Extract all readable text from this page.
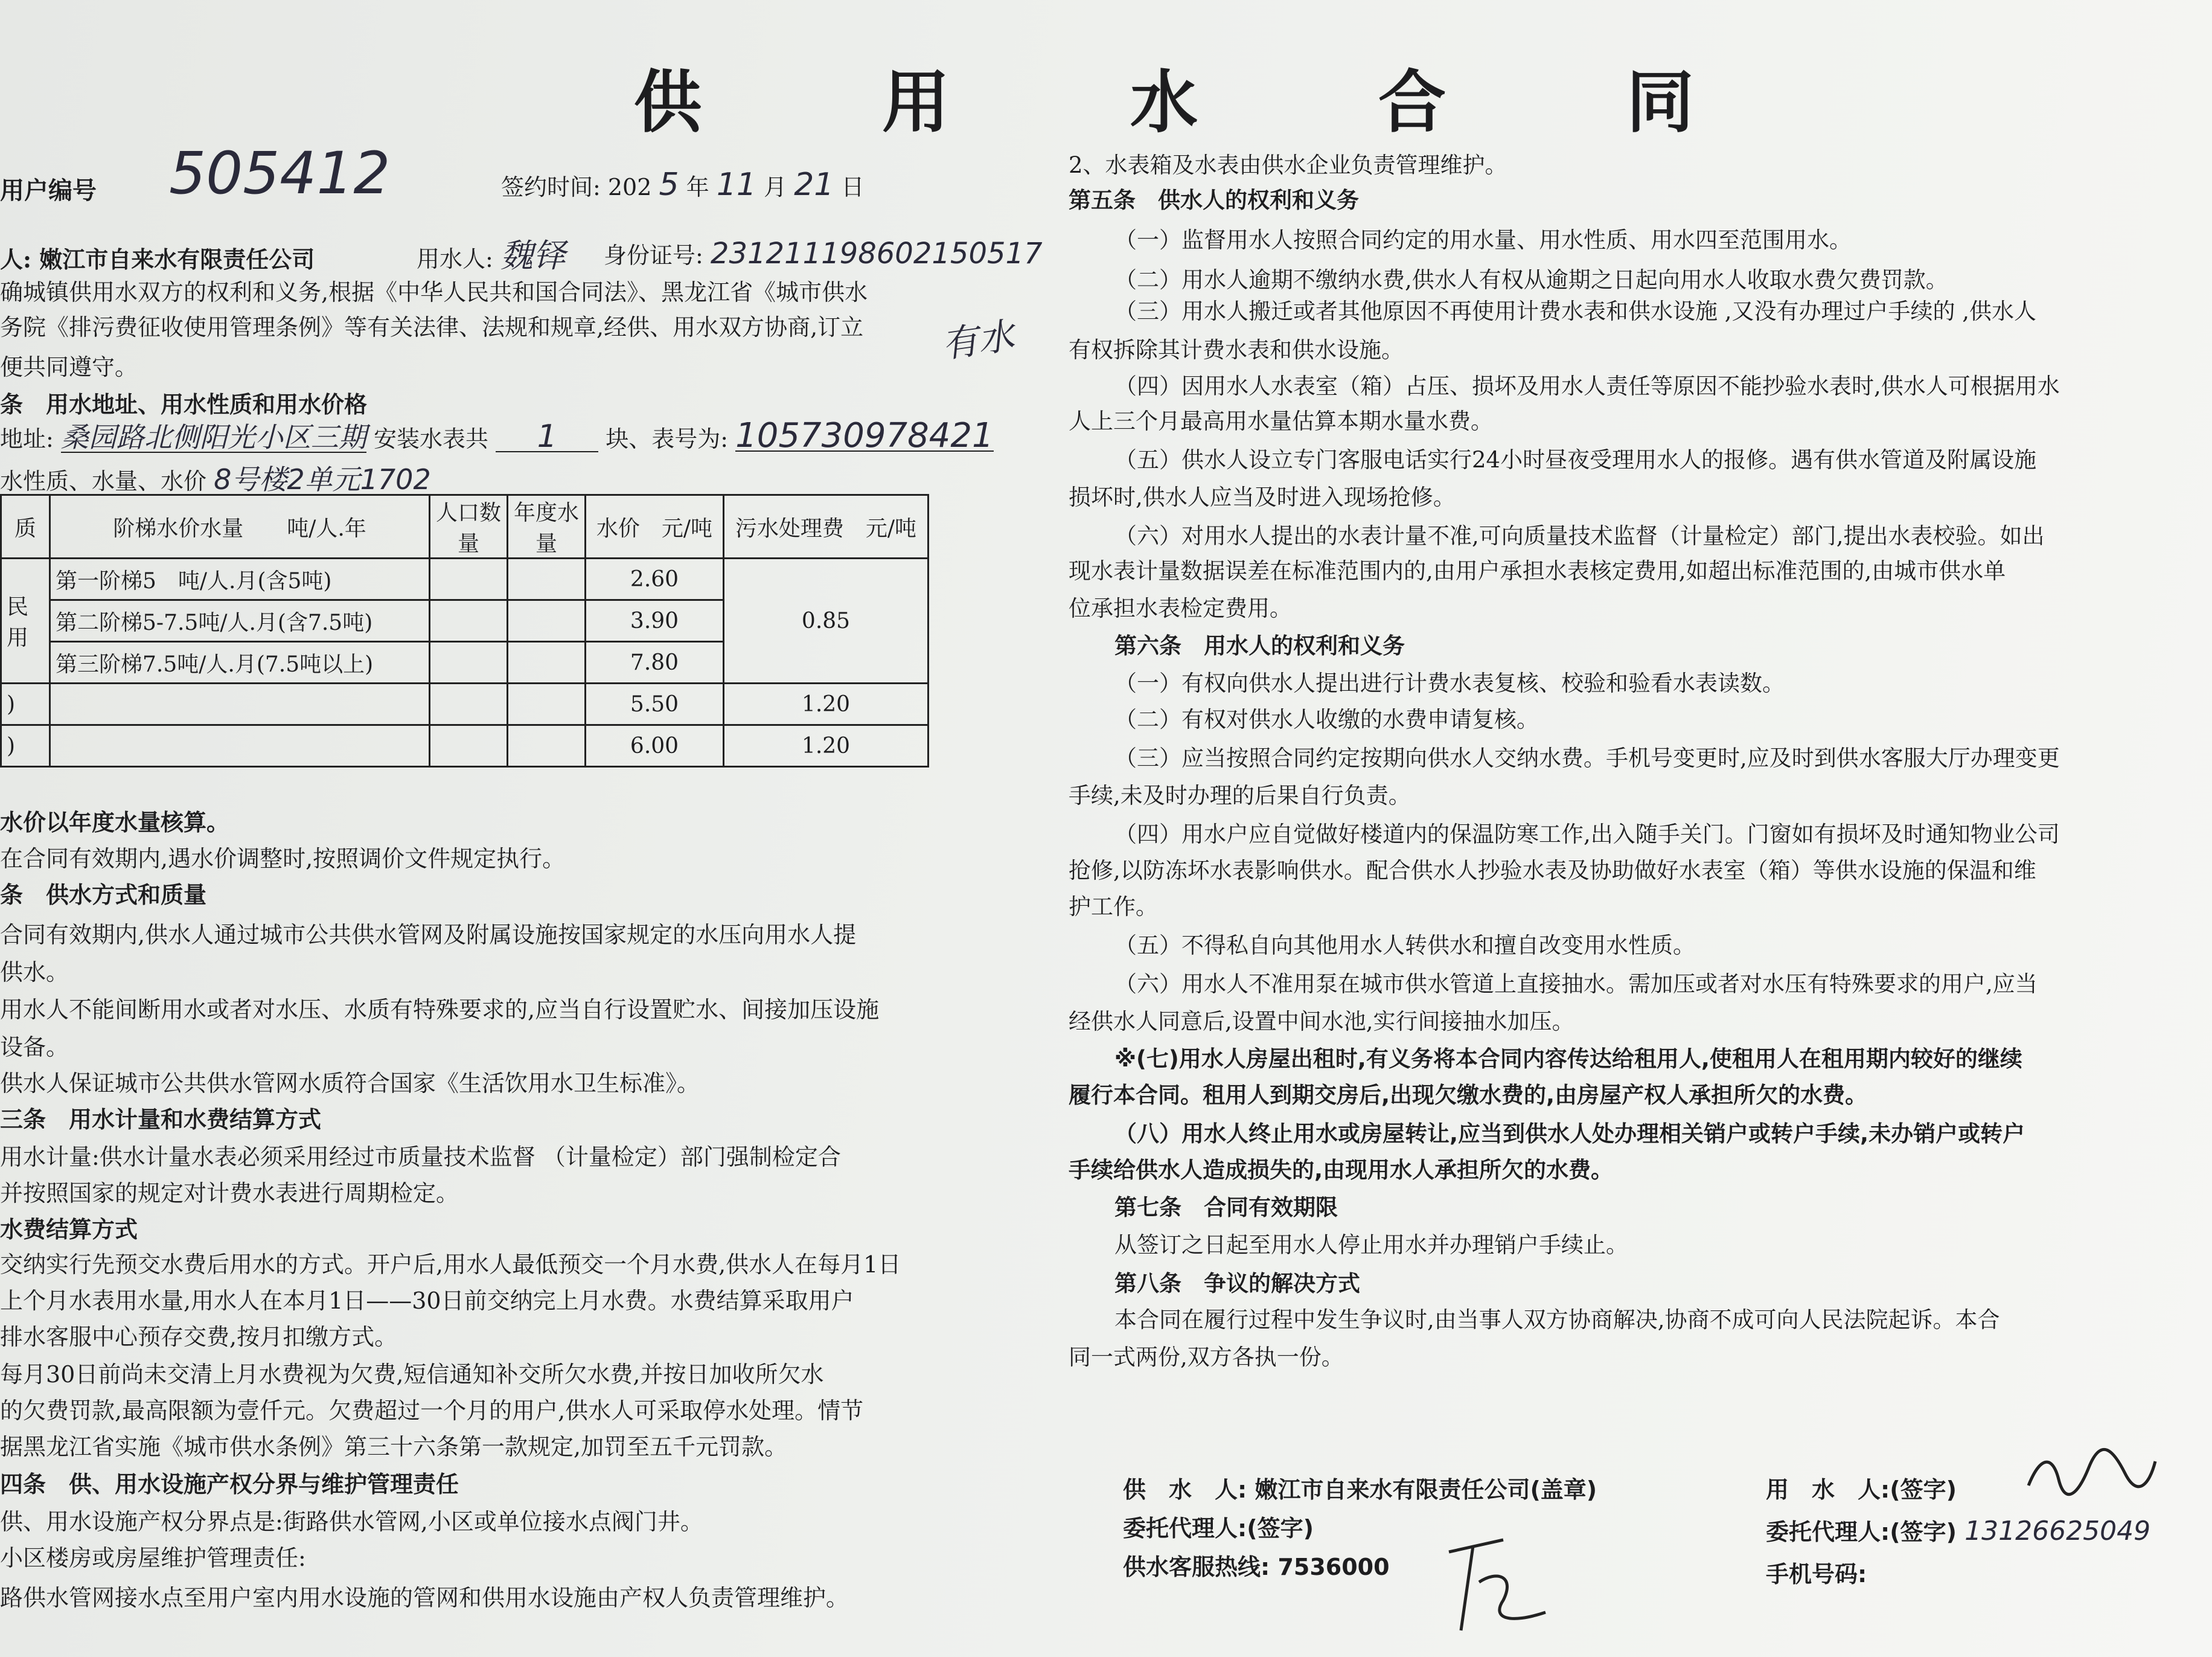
供 用 水 合 同
用户编号 505412	签约时间: 202 5 年 11 月 21 日
人: 嫩江市自来水有限责任公司	用水人: 魏铎 身份证号: 231211198602150517
确城镇供用水双方的权利和义务,根据《中华人民共和国合同法》、黑龙江省《城市供水
务院《排污费征收使用管理条例》等有关法律、法规和规章,经供、用水双方协商,订立
便共同遵守。
有水
条　用水地址、用水性质和用水价格
地址: 桑园路北侧阳光小区三期 安装水表共 1 块、表号为: 105730978421
水性质、水量、水价 8号楼2单元1702
质	阶梯水价水量　　吨/人.年	人口数量	年度水量	水价　元/吨	污水处理费　元/吨
民用	第一阶梯5　吨/人.月(含5吨)			2.60	0.85
	第二阶梯5-7.5吨/人.月(含7.5吨)			3.90	
	第三阶梯7.5吨/人.月(7.5吨以上)			7.80	
)				5.50	1.20
)				6.00	1.20
水价以年度水量核算。
在合同有效期内,遇水价调整时,按照调价文件规定执行。
条　供水方式和质量
合同有效期内,供水人通过城市公共供水管网及附属设施按国家规定的水压向用水人提
供水。
用水人不能间断用水或者对水压、水质有特殊要求的,应当自行设置贮水、间接加压设施
设备。
供水人保证城市公共供水管网水质符合国家《生活饮用水卫生标准》。
三条　用水计量和水费结算方式
用水计量:供水计量水表必须采用经过市质量技术监督 （计量检定）部门强制检定合
并按照国家的规定对计费水表进行周期检定。
水费结算方式
交纳实行先预交水费后用水的方式。开户后,用水人最低预交一个月水费,供水人在每月1日
上个月水表用水量,用水人在本月1日——30日前交纳完上月水费。水费结算采取用户
排水客服中心预存交费,按月扣缴方式。
每月30日前尚未交清上月水费视为欠费,短信通知补交所欠水费,并按日加收所欠水
的欠费罚款,最高限额为壹仟元。欠费超过一个月的用户,供水人可采取停水处理。情节
据黑龙江省实施《城市供水条例》第三十六条第一款规定,加罚至五千元罚款。
四条　供、用水设施产权分界与维护管理责任
供、用水设施产权分界点是:街路供水管网,小区或单位接水点阀门井。
小区楼房或房屋维护管理责任:
路供水管网接水点至用户室内用水设施的管网和供用水设施由产权人负责管理维护。
2、水表箱及水表由供水企业负责管理维护。
第五条　供水人的权利和义务
（一）监督用水人按照合同约定的用水量、用水性质、用水四至范围用水。
（二）用水人逾期不缴纳水费,供水人有权从逾期之日起向用水人收取水费欠费罚款。
（三）用水人搬迁或者其他原因不再使用计费水表和供水设施 ,又没有办理过户手续的 ,供水人
有权拆除其计费水表和供水设施。
（四）因用水人水表室（箱）占压、损坏及用水人责任等原因不能抄验水表时,供水人可根据用水
人上三个月最高用水量估算本期水量水费。
（五）供水人设立专门客服电话实行24小时昼夜受理用水人的报修。遇有供水管道及附属设施
损坏时,供水人应当及时进入现场抢修。
（六）对用水人提出的水表计量不准,可向质量技术监督（计量检定）部门,提出水表校验。如出
现水表计量数据误差在标准范围内的,由用户承担水表核定费用,如超出标准范围的,由城市供水单
位承担水表检定费用。
第六条　用水人的权利和义务
（一）有权向供水人提出进行计费水表复核、校验和验看水表读数。
（二）有权对供水人收缴的水费申请复核。
（三）应当按照合同约定按期向供水人交纳水费。手机号变更时,应及时到供水客服大厅办理变更
手续,未及时办理的后果自行负责。
（四）用水户应自觉做好楼道内的保温防寒工作,出入随手关门。门窗如有损坏及时通知物业公司
抢修,以防冻坏水表影响供水。配合供水人抄验水表及协助做好水表室（箱）等供水设施的保温和维
护工作。
（五）不得私自向其他用水人转供水和擅自改变用水性质。
（六）用水人不准用泵在城市供水管道上直接抽水。需加压或者对水压有特殊要求的用户,应当
经供水人同意后,设置中间水池,实行间接抽水加压。
※(七)用水人房屋出租时,有义务将本合同内容传达给租用人,使租用人在租用期内较好的继续
履行本合同。租用人到期交房后,出现欠缴水费的,由房屋产权人承担所欠的水费。
（八）用水人终止用水或房屋转让,应当到供水人处办理相关销户或转户手续,未办销户或转户
手续给供水人造成损失的,由现用水人承担所欠的水费。
第七条　合同有效期限
从签订之日起至用水人停止用水并办理销户手续止。
第八条　争议的解决方式
本合同在履行过程中发生争议时,由当事人双方协商解决,协商不成可向人民法院起诉。本合
同一式两份,双方各执一份。
供　水　人: 嫩江市自来水有限责任公司(盖章)
委托代理人:(签字)
供水客服热线: 7536000
用　水　人:(签字)
委托代理人:(签字) 13126625049
手机号码:
